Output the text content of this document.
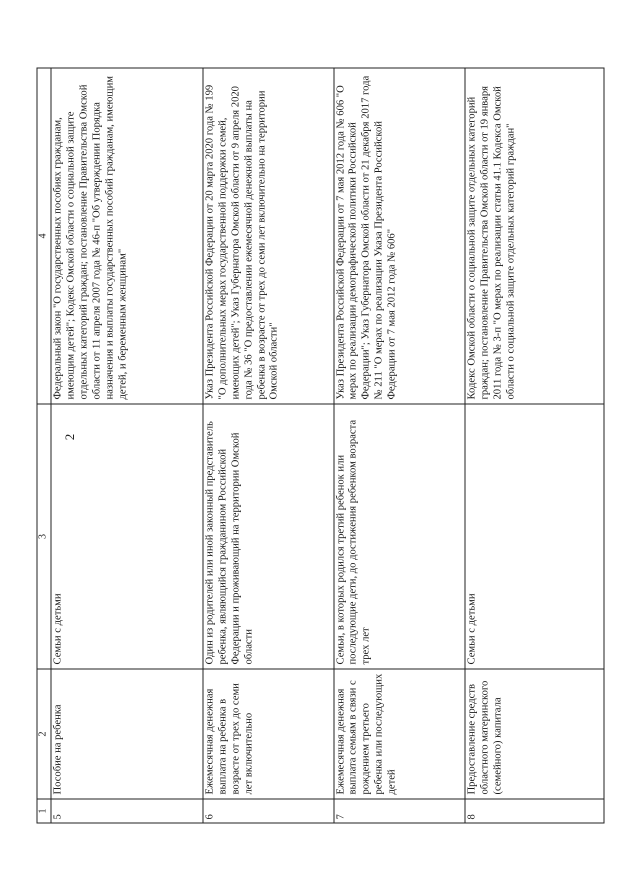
2
1	2	3	4
5	Пособие на ребенка	Семьи с детьми	Федеральный закон "О государственных пособиях гражданам, имеющим детей"; Кодекс Омской области о социальной защите отдельных категорий граждан; постановление Правительства Омской области от 11 апреля 2007 года № 46-п "Об утверждении Порядка назначения и выплаты государственных пособий гражданам, имеющим детей, и беременным женщинам"
6	Ежемесячная денежная выплата на ребенка в возрасте от трех до семи лет включительно	Один из родителей или иной законный представитель ребенка, являющийся гражданином Российской Федерации и проживающий на территории Омской области	Указ Президента Российской Федерации от 20 марта 2020 года № 199 "О дополнительных мерах государственной поддержки семей, имеющих детей"; Указ Губернатора Омской области от 9 апреля 2020 года № 36 "О предоставлении ежемесячной денежной выплаты на ребенка в возрасте от трех до семи лет включительно на территории Омской области"
7	Ежемесячная денежная выплата семьям в связи с рождением третьего ребенка или последующих детей	Семьи, в которых родился третий ребенок или последующие дети, до достижения ребенком возраста трех лет	Указ Президента Российской Федерации от 7 мая 2012 года № 606 "О мерах по реализации демографической политики Российской Федерации"; Указ Губернатора Омской области от 21 декабря 2017 года № 211 "О мерах по реализации Указа Президента Российской Федерации от 7 мая 2012 года № 606"
8	Предоставление средств областного материнского (семейного) капитала	Семьи с детьми	Кодекс Омской области о социальной защите отдельных категорий граждан; постановление Правительства Омской области от 19 января 2011 года № 3-п "О мерах по реализации статьи 41.1 Кодекса Омской области о социальной защите отдельных категорий граждан"
